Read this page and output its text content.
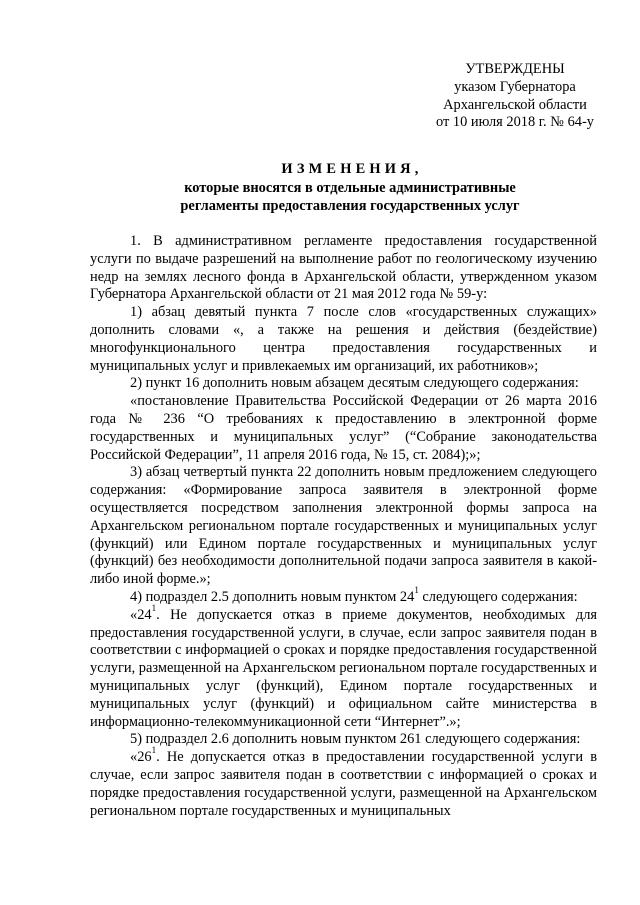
УТВЕРЖДЕНЫ
указом Губернатора
Архангельской области
от 10 июля 2018 г. № 64-у
ИЗМЕНЕНИЯ,
которые вносятся в отдельные административные
регламенты предоставления государственных услуг

1. В административном регламенте предоставления государственной услуги по выдаче разрешений на выполнение работ по геологическому изучению недр на землях лесного фонда в Архангельской области, утвержденном указом Губернатора Архангельской области от 21 мая 2012 года № 59-у:

1) абзац девятый пункта 7 после слов «государственных служащих» дополнить словами «, а также на решения и действия (бездействие) многофункционального центра предоставления государственных и муниципальных услуг и привлекаемых им организаций, их работников»;

2) пункт 16 дополнить новым абзацем десятым следующего содержания:

«постановление Правительства Российской Федерации от 26 марта 2016 года № 236 “О требованиях к предоставлению в электронной форме государственных и муниципальных услуг” (“Собрание законодательства Российской Федерации”, 11 апреля 2016 года, № 15, ст. 2084);»;

3) абзац четвертый пункта 22 дополнить новым предложением следующего содержания: «Формирование запроса заявителя в электронной форме осуществляется посредством заполнения электронной формы запроса на Архангельском региональном портале государственных и муниципальных услуг (функций) или Едином портале государственных и муниципальных услуг (функций) без необходимости дополнительной подачи запроса заявителя в какой-либо иной форме.»;

4) подраздел 2.5 дополнить новым пунктом $24^1$ следующего содержания:

«$24^1$. Не допускается отказ в приеме документов, необходимых для предоставления государственной услуги, в случае, если запрос заявителя подан в соответствии с информацией о сроках и порядке предоставления государственной услуги, размещенной на Архангельском региональном портале государственных и муниципальных услуг (функций), Едином портале государственных и муниципальных услуг (функций) и официальном сайте министерства в информационно-телекоммуникационной сети “Интернет”.»;

5) подраздел 2.6 дополнить новым пунктом 261 следующего содержания:

«$26^1$. Не допускается отказ в предоставлении государственной услуги в случае, если запрос заявителя подан в соответствии с информацией о сроках и порядке предоставления государственной услуги, размещенной на Архангельском региональном портале государственных и муниципальных
